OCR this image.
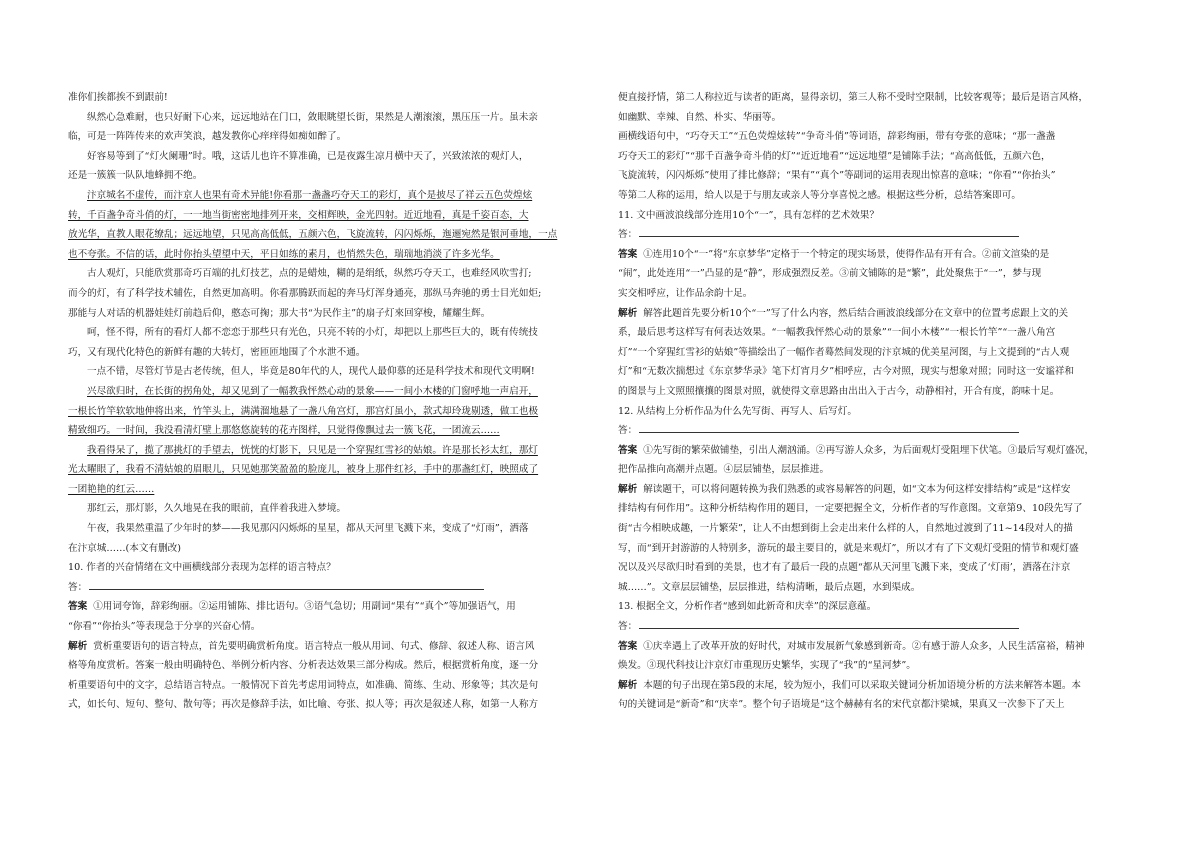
准你们挨都挨不到跟前!

纵然心急难耐，也只好耐下心来，远远地站在门口，敛眼眺望长街，果然是人潮滚滚，黑压压一片。虽未亲

临，可是一阵阵传来的欢声笑浪，越发教你心痒痒得如痴如醉了。

好容易等到了“灯火阑珊”时。哦，这话儿也许不算准确，已是夜露生凉月横中天了，兴致浓浓的观灯人，

还是一簇簇一队队地蜂拥不绝。

汴京城名不虚传，而汴京人也果有奇术异能!你看那一盏盏巧夺天工的彩灯，真个是披尽了祥云五色荧煌炫

转，千百盏争奇斗俏的灯，一一地当街密密地排列开来，交相辉映，金光四射。近近地看，真是千姿百态，大

放光华，直教人眼花缭乱；远远地望，只见高高低低，五颜六色，飞旋流转，闪闪烁烁，迤逦宛然是银河垂地，一点

也不夸张。不信的话，此时你抬头望望中天，平日如练的素月，也悄然失色，瑞瑞地消淡了许多光华。

古人观灯，只能欣赏那奇巧百端的扎灯技艺，点的是蜡烛，糊的是绢纸，纵然巧夺天工，也难经风吹雪打;

而今的灯，有了科学技术辅佐，自然更加高明。你看那腾跃而起的奔马灯浑身通亮，那纵马奔驰的勇士目光如炬;

那能与人对话的机器娃娃灯前趋后仰，憨态可掬；那大书“为民作主”的扇子灯來回穿梭，耀耀生辉。

呵，怪不得，所有的看灯人都不恋恋于那些只有光色，只亮不转的小灯，却把以上那些巨大的，既有传统技

巧，又有现代化特色的新鲜有趣的大转灯，密匝匝地围了个水泄不通。

一点不错，尽管灯节是古老传统，但人，毕竟是80年代的人，现代人最仰慕的还是科学技术和现代文明啊!

兴尽欲归时，在长街的拐角处，却又见到了一幅教我怦然心动的景象——一间小木楼的门窗呼地一声启开，

一根长竹竿软软地伸将出来，竹竿头上，满满溜地悬了一盏八角宫灯，那宫灯虽小，款式却玲珑剔透，做工也极

精致细巧。一时间，我没看清灯壁上那悠悠旋转的花卉图样，只觉得像飘过去一簇飞花，一团流云……

我看得呆了，揽了那挑灯的手望去，恍恍的灯影下，只见是一个穿猩红雪衫的姑娘。许是那长衫太红，那灯

光太曜眼了，我看不清姑娘的眉眼儿，只见她那笑盈盈的脸庞儿，被身上那件红衫，手中的那盏红灯，映照成了

一团艳艳的红云……

那红云，那灯影，久久地晃在我的眼前，直伴着我进入梦境。

午夜，我果然重温了少年时的梦——我见那闪闪烁烁的星星，都从天河里飞溅下来，变成了“灯雨”，洒落

在汴京城……(本文有删改)

10. 作者的兴奋情绪在文中画横线部分表现为怎样的语言特点？

答：

答案 ①用词夸饰，辞彩绚丽。②运用铺陈、排比语句。③语气急切；用副词“果有”“真个”等加强语气，用

“你看”“你抬头”等表现急于分享的兴奋心情。

解析 赏析重要语句的语言特点，首先要明确赏析角度。语言特点一般从用词、句式、修辞、叙述人称、语言风

格等角度赏析。答案一般由明确特色、举例分析内容、分析表达效果三部分构成。然后，根据赏析角度，逐一分

析重要语句中的文字，总结语言特点。一般情况下首先考虑用词特点，如准确、简练、生动、形象等；其次是句

式，如长句、短句、整句、散句等；再次是修辞手法，如比喻、夸张、拟人等；再次是叙述人称，如第一人称方

便直接抒情，第二人称拉近与读者的距离，显得亲切，第三人称不受时空限制，比较客观等；最后是语言风格，

如幽默、幸辣、自然、朴实、华丽等。

画横线语句中，“巧夺天工”“五色荧煌炫转”“争奇斗俏”等词语，辞彩绚丽，带有夸张的意味；“那一盏盏

巧夺天工的彩灯”“那千百盏争奇斗俏的灯”“近近地看”“远远地望”是铺陈手法；“高高低低，五颜六色，

飞旋流转，闪闪烁烁”使用了排比修辞；“果有”“真个”等副词的运用表现出惊喜的意味；“你看”“你抬头”

等第二人称的运用，给人以是于与朋友或亲人等分享喜悦之感。根据这些分析，总结答案即可。

11. 文中画波浪线部分连用10个“一”，具有怎样的艺术效果？

答：

答案 ①连用10个“一”将“东京梦华”定格于一个特定的现实场景，使得作品有开有合。②前文渲染的是

“闹”，此处连用“一”凸显的是“静”，形成强烈反差。③前文铺陈的是“繁”，此处聚焦于“一”，梦与现

实交相呼应，让作品余韵十足。

解析 解答此题首先要分析10个“一”写了什么内容，然后结合画波浪线部分在文章中的位置考虑跟上文的关

系，最后思考这样写有何表达效果。“一幅教我怦然心动的景象”“一间小木楼”“一根长竹竿”“一盏八角宫

灯”“一个穿猩红雪衫的姑娘”等描绘出了一幅作者蓦然间发现的汴京城的优美星河图，与上文提到的“古人观

灯”和“无数次揣想过《东京梦华录》笔下灯宵月夕”相呼应，古今对照，现实与想象对照；同时这一安谧祥和

的图景与上文照照攘攘的图景对照，就使得文章思路由出出入于古今，动静相衬，开合有度，韵味十足。

12. 从结构上分析作品为什么先写街、再写人、后写灯。

答：

答案 ①先写街的繁荣做铺垫，引出人潮汹涌。②再写游人众多，为后面观灯受阻埋下伏笔。③最后写观灯盛况，

把作品推向高潮并点题。④层层铺垫，层层推进。

解析 解读题干，可以将问题转换为我们熟悉的或容易解答的问题，如“文本为何这样安排结构”或是“这样安

排结构有何作用”。这种分析结构作用的题目，一定要把握全文，分析作者的写作意图。文章第9、10段先写了

街“古今相映成趣，一片繁荣”，让人不由想到街上会走出来什么样的人，自然地过渡到了11~14段对人的描

写，而“到开封游游的人特别多，游玩的最主要目的，就是来观灯”，所以才有了下文观灯受阻的情节和观灯盛

况以及兴尽欲归时看到的美景，也才有了最后一段的点题“都从天河里飞溅下来，变成了‘灯雨’，洒落在汴京

城……”。文章层层铺垫，层层推进，结构清晰，最后点题，水到渠成。

13. 根据全文，分析作者“感到如此新奇和庆幸”的深层意蕴。

答：

答案 ①庆幸遇上了改革开放的好时代，对城市发展新气象感到新奇。②有感于游人众多，人民生活富裕，精神

焕发。③现代科技让汴京灯市重现历史繁华，实现了“我”的“星河梦”。

解析 本题的句子出现在第5段的末尾，较为短小，我们可以采取关键词分析加语境分析的方法来解答本题。本

句的关键词是“新奇”和“庆幸”。整个句子语境是“这个赫赫有名的宋代京都汴梁城，果真又一次参下了天上
